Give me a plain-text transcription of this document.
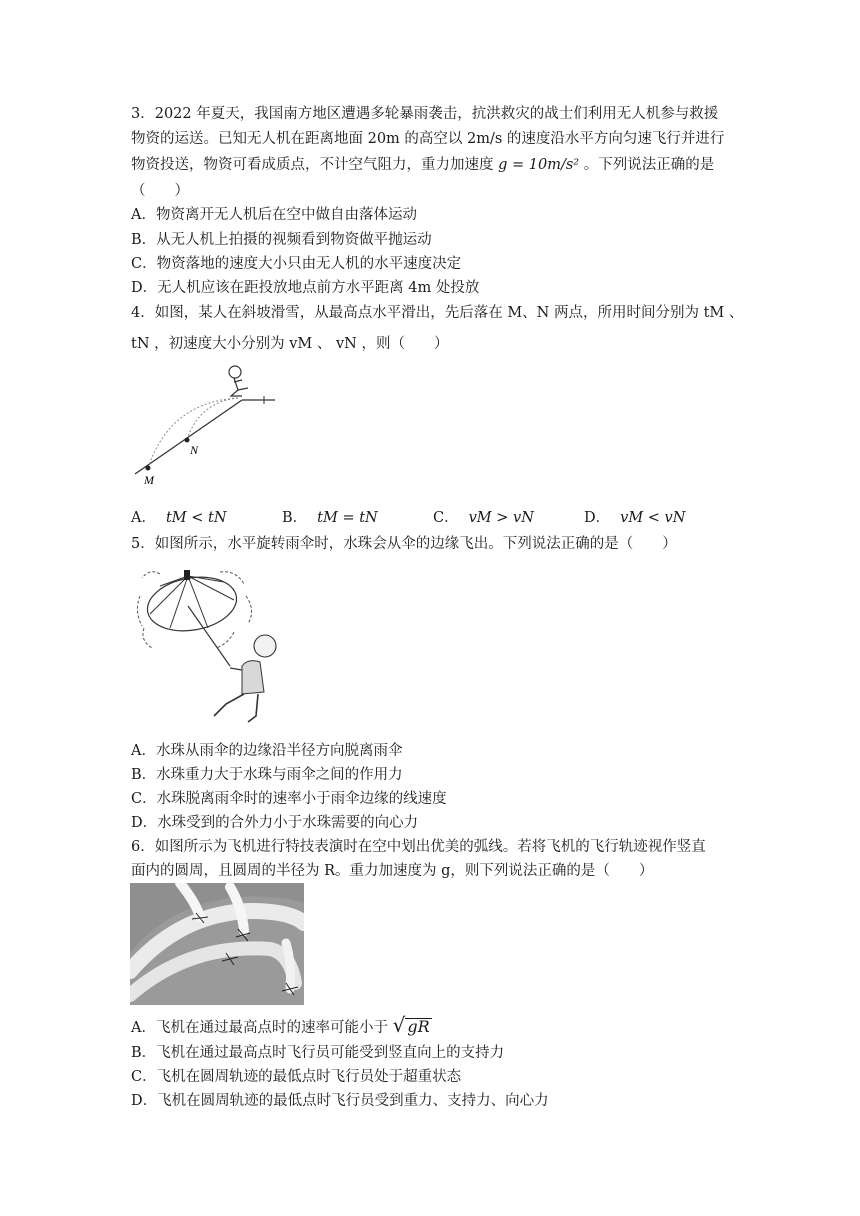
3．2022 年夏天，我国南方地区遭遇多轮暴雨袭击，抗洪救灾的战士们利用无人机参与救援
物资的运送。已知无人机在距离地面 20m 的高空以 2m/s 的速度沿水平方向匀速飞行并进行
物资投送，物资可看成质点，不计空气阻力，重力加速度 g = 10m/s² 。下列说法正确的是
（　　）
A．物资离开无人机后在空中做自由落体运动
B．从无人机上拍摄的视频看到物资做平抛运动
C．物资落地的速度大小只由无人机的水平速度决定
D．无人机应该在距投放地点前方水平距离 4m 处投放
4．如图，某人在斜坡滑雪，从最高点水平滑出，先后落在 M、N 两点，所用时间分别为 tM 、
tN ，初速度大小分别为 vM 、 vN ，则（　　）
N
M
A． tM < tN	B． tM = tN	C． vM > vN	D． vM < vN
5．如图所示，水平旋转雨伞时，水珠会从伞的边缘飞出。下列说法正确的是（　　）
A．水珠从雨伞的边缘沿半径方向脱离雨伞
B．水珠重力大于水珠与雨伞之间的作用力
C．水珠脱离雨伞时的速率小于雨伞边缘的线速度
D．水珠受到的合外力小于水珠需要的向心力
6．如图所示为飞机进行特技表演时在空中划出优美的弧线。若将飞机的飞行轨迹视作竖直
面内的圆周，且圆周的半径为 R。重力加速度为 g，则下列说法正确的是（　　）
A．飞机在通过最高点时的速率可能小于 √ gR
B．飞机在通过最高点时飞行员可能受到竖直向上的支持力
C．飞机在圆周轨迹的最低点时飞行员处于超重状态
D．飞机在圆周轨迹的最低点时飞行员受到重力、支持力、向心力
